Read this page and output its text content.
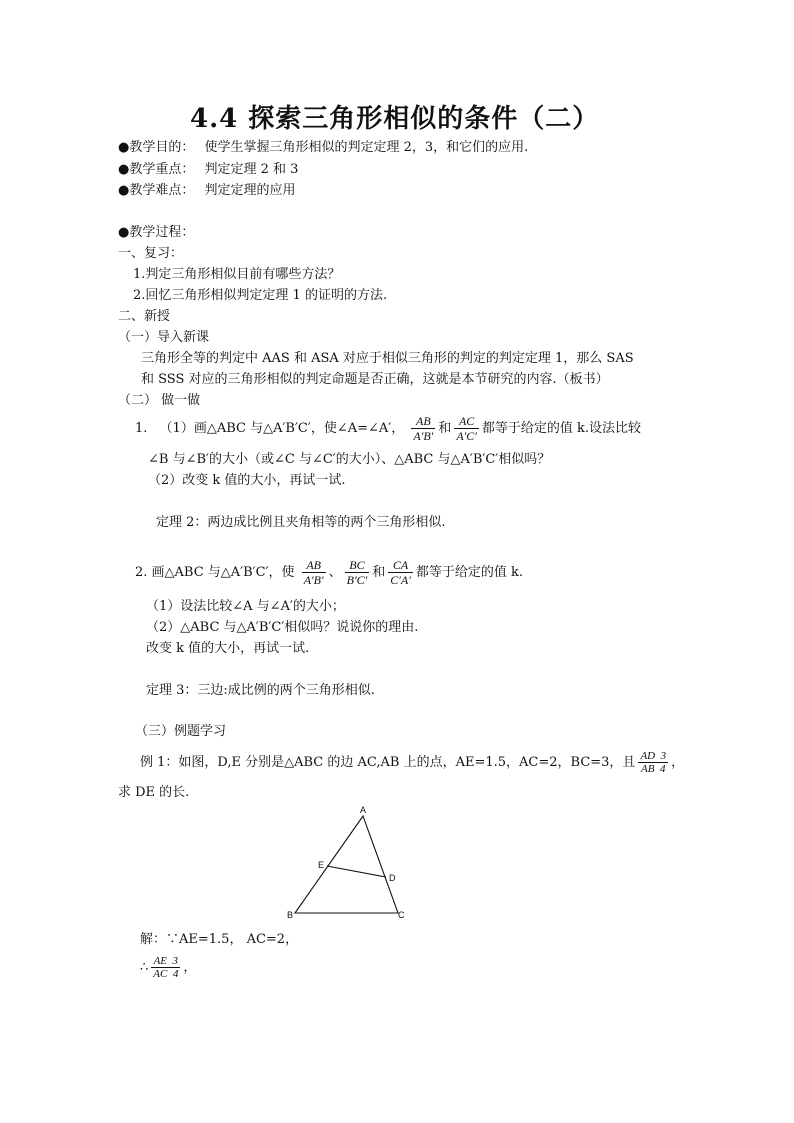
4.4 探索三角形相似的条件（二）
●教学目的： 使学生掌握三角形相似的判定定理 2，3，和它们的应用.
●教学重点： 判定定理 2 和 3
●教学难点： 判定定理的应用
●教学过程：
一、复习：
1.判定三角形相似目前有哪些方法？
2.回忆三角形相似判定定理 1 的证明的方法.
二、新授
（一）导入新课
三角形全等的判定中 AAS 和 ASA 对应于相似三角形的判定的判定定理 1，那么 SAS
和 SSS 对应的三角形相似的判定命题是否正确，这就是本节研究的内容.（板书）
（二） 做一做
1. （1）画△ABC 与△A′B′C′，使∠A=∠A′， $\frac{AB}{A'B'}$ 和 $\frac{AC}{A'C'}$ 都等于给定的值 k.设法比较
∠B 与∠B′的大小（或∠C 与∠C′的大小）、△ABC 与△A′B′C′相似吗？
（2）改变 k 值的大小，再试一试.
定理 2：两边成比例且夹角相等的两个三角形相似.
2. 画△ABC 与△A′B′C′，使 $\frac{AB}{A'B'}$ 、 $\frac{BC}{B'C'}$ 和 $\frac{CA}{C'A'}$ 都等于给定的值 k.
（1）设法比较∠A 与∠A′的大小；
（2）△ABC 与△A′B′C′相似吗？说说你的理由.
改变 k 值的大小，再试一试.
定理 3：三边:成比例的两个三角形相似.
（三）例题学习
例 1：如图，D,E 分别是△ABC 的边 AC,AB 上的点，AE=1.5，AC=2，BC=3，且 $\frac{AD 3}{AB 4}$ ，
求 DE 的长.
A
E
D
B	C
解：∵AE=1.5， AC=2，
∴ $\frac{AE 3}{AC 4}$ ，
